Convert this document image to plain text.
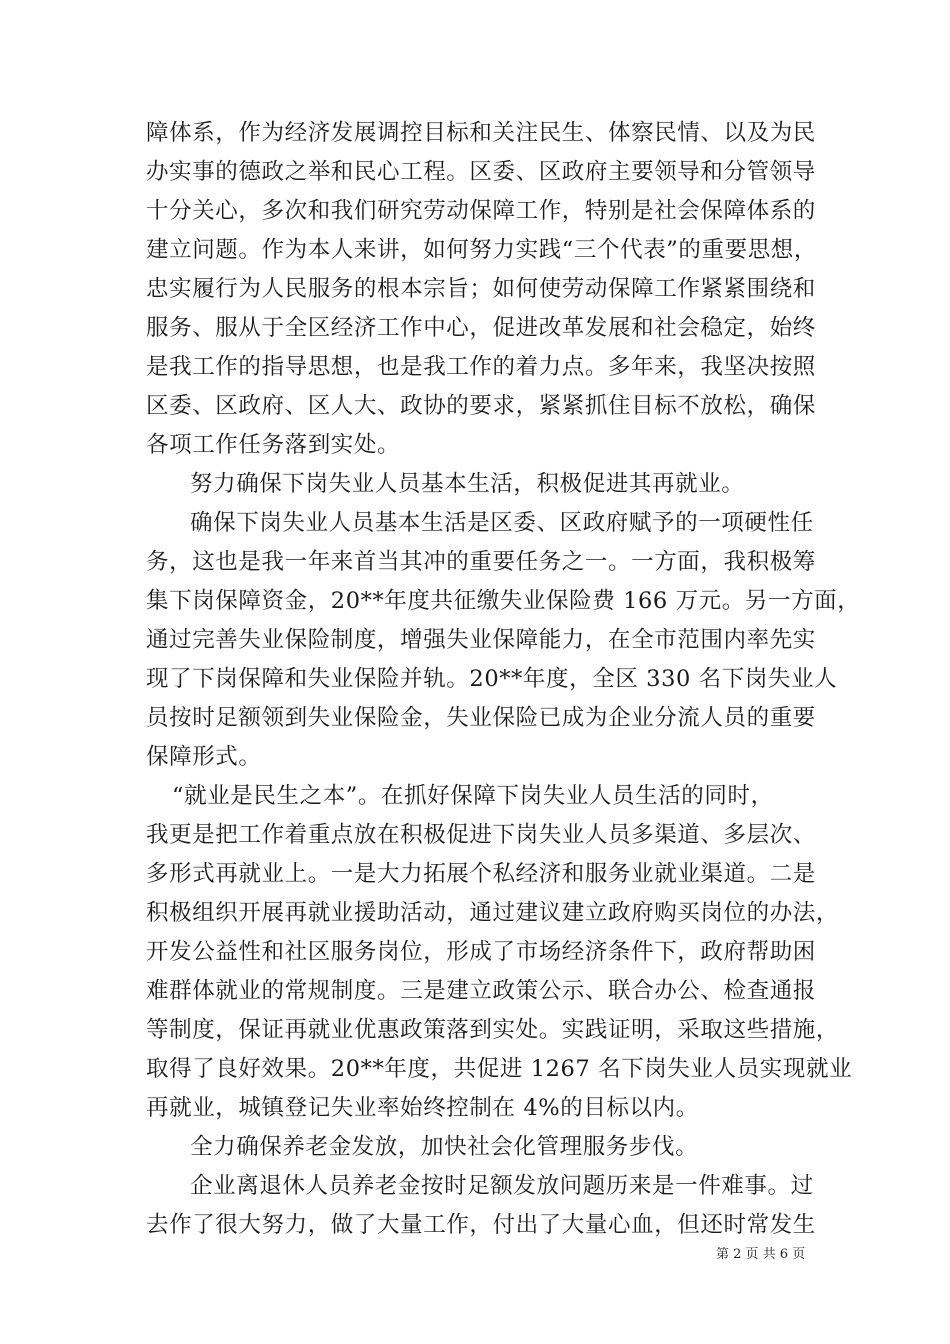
障体系，作为经济发展调控目标和关注民生、体察民情、以及为民
办实事的德政之举和民心工程。区委、区政府主要领导和分管领导
十分关心，多次和我们研究劳动保障工作，特别是社会保障体系的
建立问题。作为本人来讲，如何努力实践“三个代表”的重要思想，
忠实履行为人民服务的根本宗旨；如何使劳动保障工作紧紧围绕和
服务、服从于全区经济工作中心，促进改革发展和社会稳定，始终
是我工作的指导思想，也是我工作的着力点。多年来，我坚决按照
区委、区政府、区人大、政协的要求，紧紧抓住目标不放松，确保
各项工作任务落到实处。
努力确保下岗失业人员基本生活，积极促进其再就业。
确保下岗失业人员基本生活是区委、区政府赋予的一项硬性任
务，这也是我一年来首当其冲的重要任务之一。一方面，我积极筹
集下岗保障资金，20**年度共征缴失业保险费 166 万元。另一方面，
通过完善失业保险制度，增强失业保障能力，在全市范围内率先实
现了下岗保障和失业保险并轨。20**年度，全区 330 名下岗失业人
员按时足额领到失业保险金，失业保险已成为企业分流人员的重要
保障形式。
“就业是民生之本”。在抓好保障下岗失业人员生活的同时，
我更是把工作着重点放在积极促进下岗失业人员多渠道、多层次、
多形式再就业上。一是大力拓展个私经济和服务业就业渠道。二是
积极组织开展再就业援助活动，通过建议建立政府购买岗位的办法，
开发公益性和社区服务岗位，形成了市场经济条件下，政府帮助困
难群体就业的常规制度。三是建立政策公示、联合办公、检查通报
等制度，保证再就业优惠政策落到实处。实践证明，采取这些措施，
取得了良好效果。20**年度，共促进 1267 名下岗失业人员实现就业
再就业，城镇登记失业率始终控制在 4%的目标以内。
全力确保养老金发放，加快社会化管理服务步伐。
企业离退休人员养老金按时足额发放问题历来是一件难事。过
去作了很大努力，做了大量工作，付出了大量心血，但还时常发生
第 2 页 共 6 页
